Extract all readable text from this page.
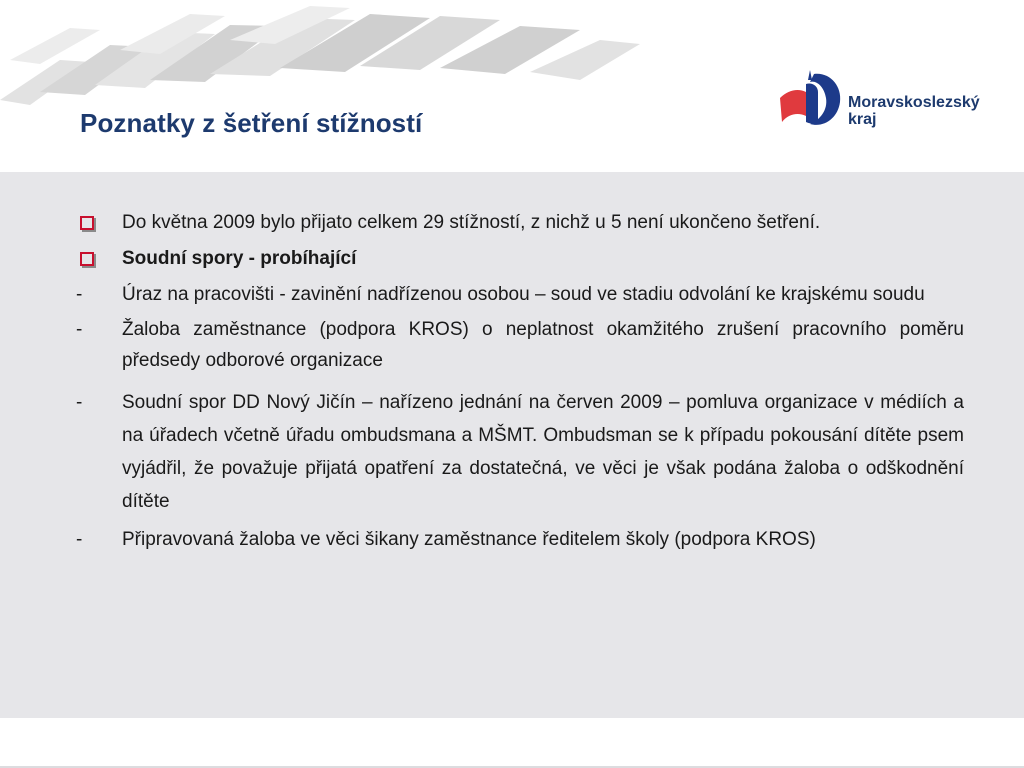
Poznatky z šetření stížností
Moravskoslezský
kraj
Do května 2009 bylo přijato celkem 29 stížností, z nichž u 5 není ukončeno šetření.
Soudní spory - probíhající
-	Úraz na pracovišti - zavinění nadřízenou osobou – soud ve stadiu odvolání ke krajskému soudu
-	Žaloba zaměstnance (podpora KROS) o neplatnost okamžitého zrušení pracovního poměru předsedy odborové organizace
-	Soudní spor DD Nový Jičín – nařízeno jednání na červen 2009 – pomluva organizace v médiích a na úřadech včetně úřadu ombudsmana a MŠMT. Ombudsman se k případu pokousání dítěte psem vyjádřil, že považuje přijatá opatření za dostatečná, ve věci je však podána žaloba o odškodnění dítěte
-	Připravovaná žaloba ve věci šikany zaměstnance ředitelem školy (podpora KROS)
